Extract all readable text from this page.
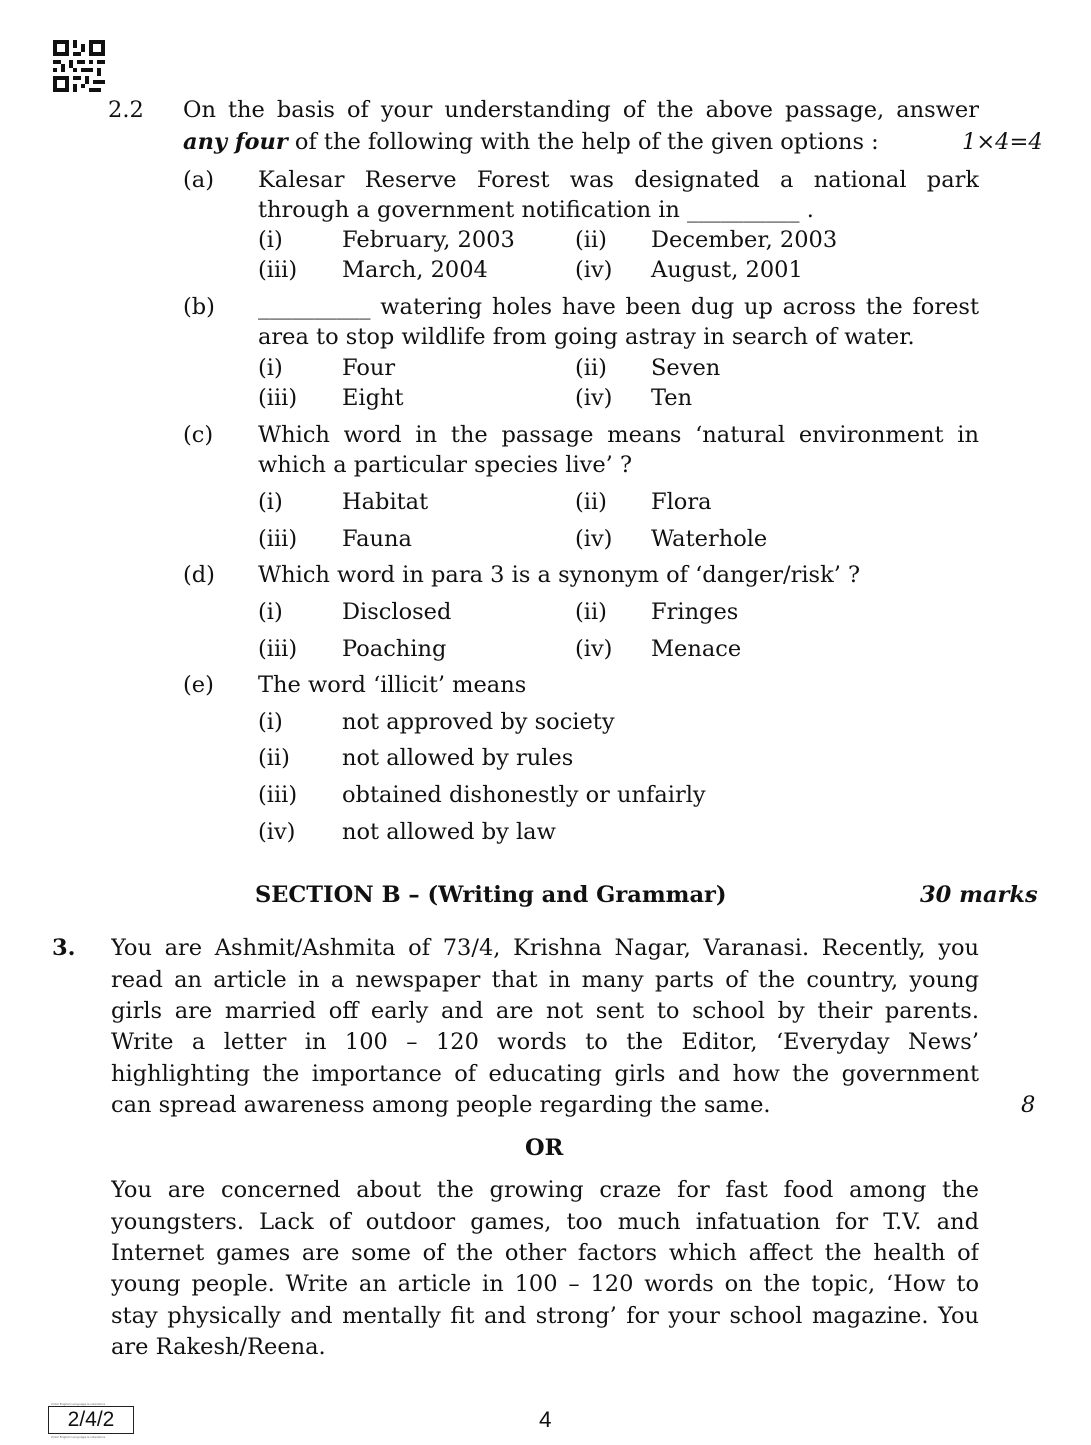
2.2 On the basis of your understanding of the above passage, answer
any four of the following with the help of the given options :	1×4=4
(a) Kalesar Reserve Forest was designated a national park
through a government notification in __________ .
(i)	February, 2003	(ii) December, 2003
(iii) March, 2004	(iv) August, 2001
(b) __________ watering holes have been dug up across the forest
area to stop wildlife from going astray in search of water.
(i)	Four	(ii) Seven
(iii) Eight	(iv) Ten
(c) Which word in the passage means ‘natural environment in
which a particular species live’ ?
(i)	Habitat	(ii) Flora
(iii) Fauna	(iv) Waterhole
(d) Which word in para 3 is a synonym of ‘danger/risk’ ?
(i)	Disclosed	(ii) Fringes
(iii) Poaching	(iv) Menace
(e) The word ‘illicit’ means
(i)	not approved by society
(ii) not allowed by rules
(iii) obtained dishonestly or unfairly
(iv) not allowed by law
SECTION B – (Writing and Grammar)	30 marks
3. You are Ashmit/Ashmita of 73/4, Krishna Nagar, Varanasi. Recently, you
read an article in a newspaper that in many parts of the country, young
girls are married off early and are not sent to school by their parents.
Write a letter in 100 – 120 words to the Editor, ‘Everyday News’
highlighting the importance of educating girls and how the government
can spread awareness among people regarding the same.	8
OR
You are concerned about the growing craze for fast food among the
youngsters. Lack of outdoor games, too much infatuation for T.V. and
Internet games are some of the other factors which affect the health of
young people. Write an article in 100 – 120 words on the topic, ‘How to
stay physically and mentally fit and strong’ for your school magazine. You
are Rakesh/Reena.
2/4/2 English Language & Literature
2/4/2
2/4/2 English Language & Literature
4
